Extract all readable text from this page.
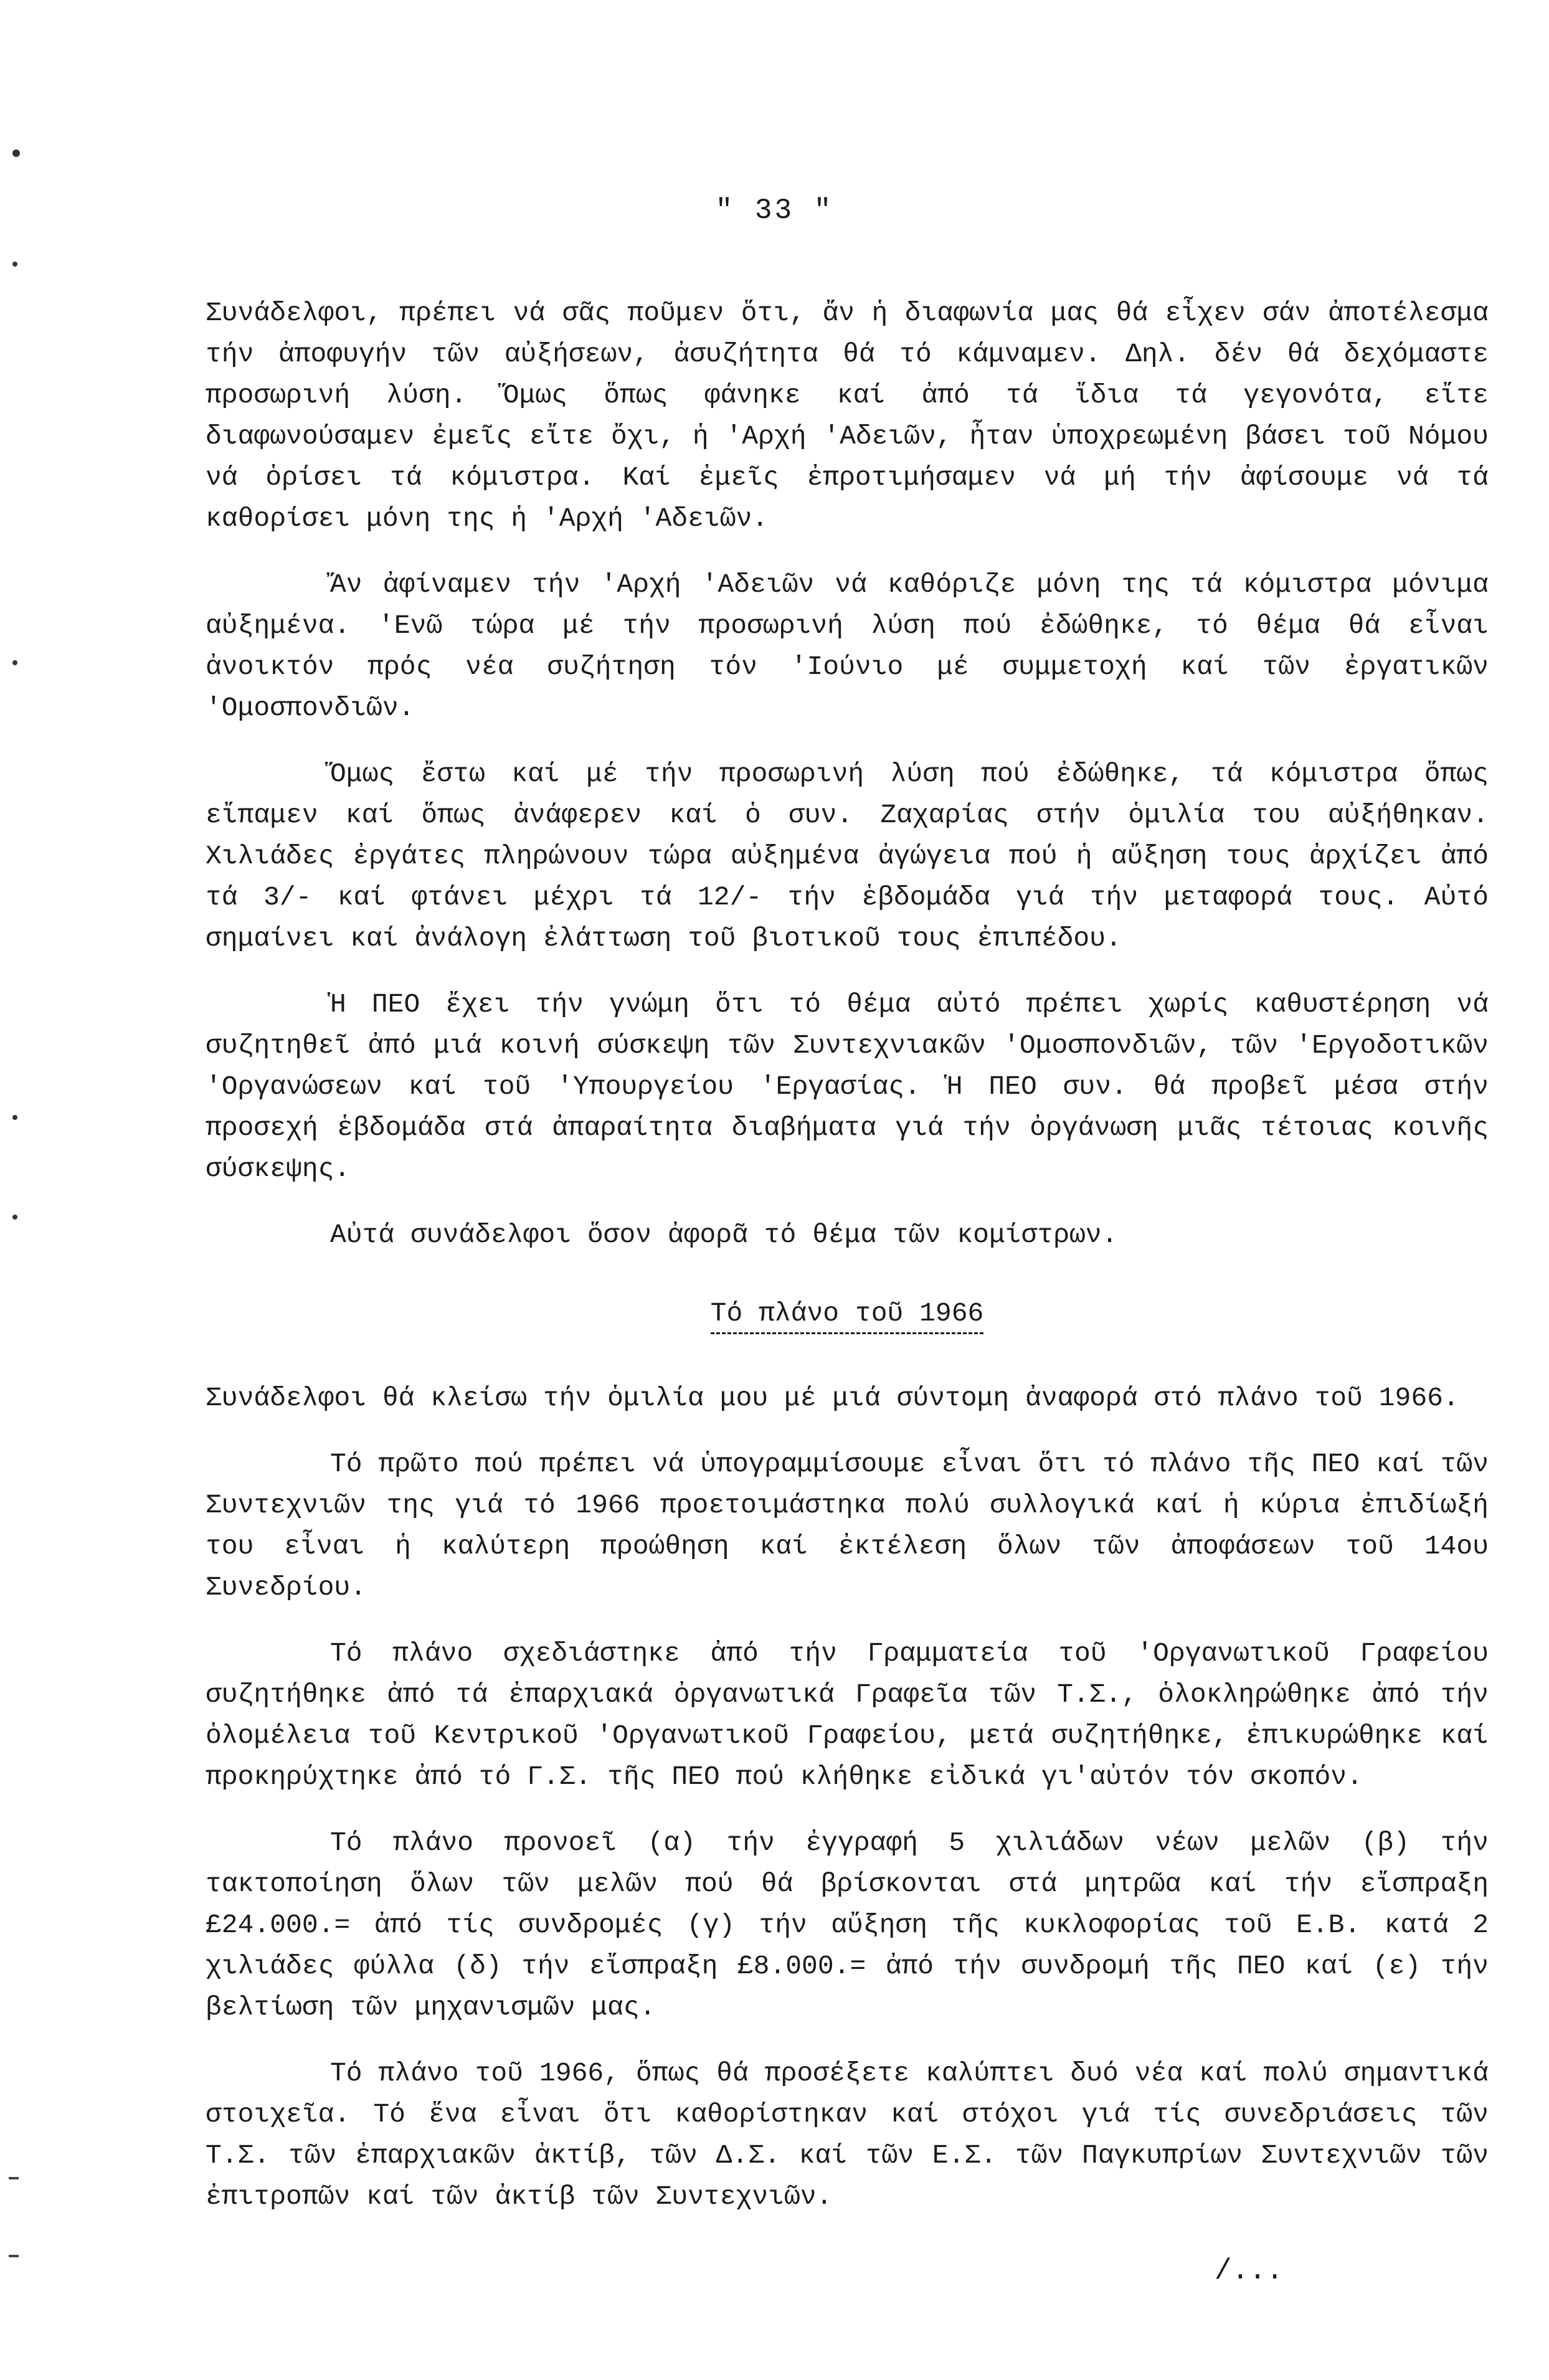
" 33 "

Συνάδελφοι, πρέπει νά σᾶς ποῦμεν ὅτι, ἄν ἡ διαφωνία μας θά εἶχεν σάν ἀποτέλεσμα τήν ἀποφυγήν τῶν αὐξήσεων, ἀσυζήτητα θά τό κάμναμεν. Δηλ. δέν θά δεχόμαστε προσωρινή λύση. Ὅμως ὅπως φάνηκε καί ἀπό τά ἴδια τά γεγονότα, εἴτε διαφωνούσαμεν ἐμεῖς εἴτε ὄχι, ἡ 'Αρχή 'Αδειῶν, ἦταν ὑποχρεωμένη βάσει τοῦ Νόμου νά ὁρίσει τά κόμιστρα. Καί ἐμεῖς ἐπροτιμήσαμεν νά μή τήν ἀφίσουμε νά τά καθορίσει μόνη της ἡ 'Αρχή 'Αδειῶν.

Ἄν ἀφίναμεν τήν 'Αρχή 'Αδειῶν νά καθόριζε μόνη της τά κόμιστρα μόνιμα αὐξημένα. 'Ενῶ τώρα μέ τήν προσωρινή λύση πού ἐδώθηκε, τό θέμα θά εἶναι ἀνοικτόν πρός νέα συζήτηση τόν 'Ιούνιο μέ συμμετοχή καί τῶν ἐργατικῶν 'Ομοσπονδιῶν.

Ὅμως ἔστω καί μέ τήν προσωρινή λύση πού ἐδώθηκε, τά κόμιστρα ὅπως εἴπαμεν καί ὅπως ἀνάφερεν καί ὁ συν. Ζαχαρίας στήν ὁμιλία του αὐξήθηκαν. Χιλιάδες ἐργάτες πληρώνουν τώρα αὐξημένα ἀγώγεια πού ἡ αὔξηση τους ἀρχίζει ἀπό τά 3/- καί φτάνει μέχρι τά 12/- τήν ἑβδομάδα γιά τήν μεταφορά τους. Αὐτό σημαίνει καί ἀνάλογη ἐλάττωση τοῦ βιοτικοῦ τους ἐπιπέδου.

Ἡ ΠΕΟ ἔχει τήν γνώμη ὅτι τό θέμα αὐτό πρέπει χωρίς καθυστέρηση νά συζητηθεῖ ἀπό μιά κοινή σύσκεψη τῶν Συντεχνιακῶν 'Ομοσπονδιῶν, τῶν 'Εργοδοτικῶν 'Οργανώσεων καί τοῦ 'Υπουργείου 'Εργασίας. Ἡ ΠΕΟ συν. θά προβεῖ μέσα στήν προσεχή ἑβδομάδα στά ἀπαραίτητα διαβήματα γιά τήν ὀργάνωση μιᾶς τέτοιας κοινῆς σύσκεψης.

Αὐτά συνάδελφοι ὅσον ἀφορᾶ τό θέμα τῶν κομίστρων.

Τό πλάνο τοῦ 1966

Συνάδελφοι θά κλείσω τήν ὁμιλία μου μέ μιά σύντομη ἀναφορά στό πλάνο τοῦ 1966.

Τό πρῶτο πού πρέπει νά ὑπογραμμίσουμε εἶναι ὅτι τό πλάνο τῆς ΠΕΟ καί τῶν Συντεχνιῶν της γιά τό 1966 προετοιμάστηκα πολύ συλλογικά καί ἡ κύρια ἐπιδίωξή του εἶναι ἡ καλύτερη προώθηση καί ἐκτέλεση ὅλων τῶν ἀποφάσεων τοῦ 14ου Συνεδρίου.

Τό πλάνο σχεδιάστηκε ἀπό τήν Γραμματεία τοῦ 'Οργανωτικοῦ Γραφείου συζητήθηκε ἀπό τά ἐπαρχιακά ὀργανωτικά Γραφεῖα τῶν Τ.Σ., ὁλοκληρώθηκε ἀπό τήν ὁλομέλεια τοῦ Κεντρικοῦ 'Οργανωτικοῦ Γραφείου, μετά συζητήθηκε, ἐπικυρώθηκε καί προκηρύχτηκε ἀπό τό Γ.Σ. τῆς ΠΕΟ πού κλήθηκε εἰδικά γι'αὐτόν τόν σκοπόν.

Τό πλάνο προνοεῖ (α) τήν ἐγγραφή 5 χιλιάδων νέων μελῶν (β) τήν τακτοποίηση ὅλων τῶν μελῶν πού θά βρίσκονται στά μητρῶα καί τήν εἴσπραξη £24.000.= ἀπό τίς συνδρομές (γ) τήν αὔξηση τῆς κυκλοφορίας τοῦ Ε.Β. κατά 2 χιλιάδες φύλλα (δ) τήν εἴσπραξη £8.000.= ἀπό τήν συνδρομή τῆς ΠΕΟ καί (ε) τήν βελτίωση τῶν μηχανισμῶν μας.

Τό πλάνο τοῦ 1966, ὅπως θά προσέξετε καλύπτει δυό νέα καί πολύ σημαντικά στοιχεῖα. Τό ἕνα εἶναι ὅτι καθορίστηκαν καί στόχοι γιά τίς συνεδριάσεις τῶν Τ.Σ. τῶν ἐπαρχιακῶν ἀκτίβ, τῶν Δ.Σ. καί τῶν Ε.Σ. τῶν Παγκυπρίων Συντεχνιῶν τῶν ἐπιτροπῶν καί τῶν ἀκτίβ τῶν Συντεχνιῶν.

/...
